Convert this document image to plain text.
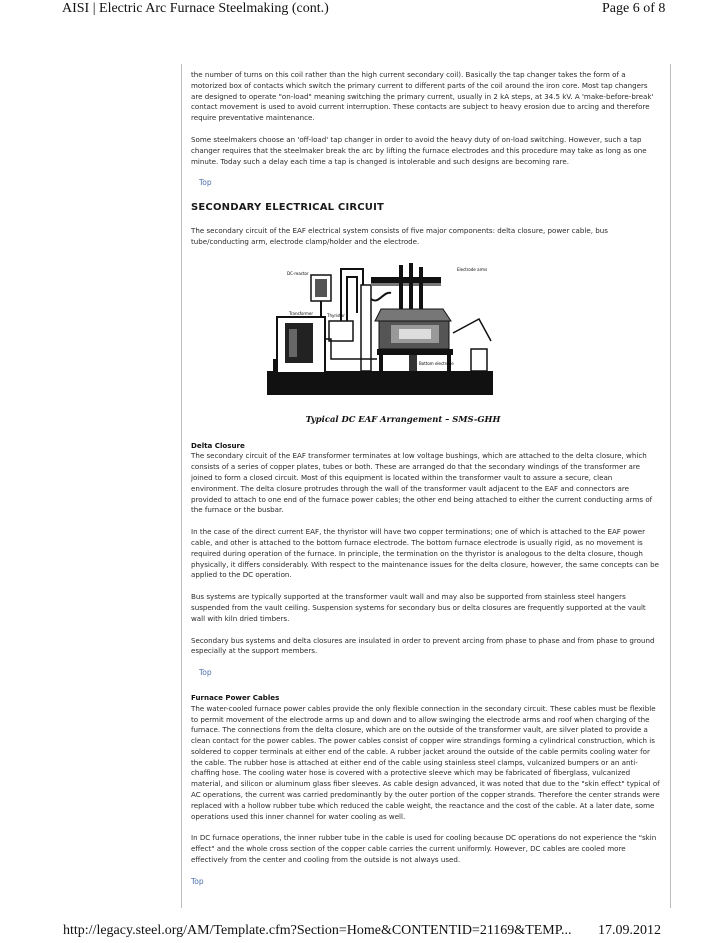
AISI | Electric Arc Furnace Steelmaking (cont.)	Page 6 of 8

the number of turns on this coil rather than the high current secondary coil). Basically the tap changer takes the form of a motorized box of contacts which switch the primary current to different parts of the coil around the iron core. Most tap changers are designed to operate "on-load" meaning switching the primary current, usually in 2 kA steps, at 34.5 kV. A 'make-before-break' contact movement is used to avoid current interruption. These contacts are subject to heavy erosion due to arcing and therefore require preventative maintenance.

Some steelmakers choose an 'off-load' tap changer in order to avoid the heavy duty of on-load switching. However, such a tap changer requires that the steelmaker break the arc by lifting the furnace electrodes and this procedure may take as long as one minute. Today such a delay each time a tap is changed is intolerable and such designs are becoming rare.

Top
SECONDARY ELECTRICAL CIRCUIT

The secondary circuit of the EAF electrical system consists of five major components: delta closure, power cable, bus tube/conducting arm, electrode clamp/holder and the electrode.

DC-reactor
Electrode arms
Transformer	Thyristor
Bottom electrode
Typical DC EAF Arrangement – SMS-GHH
Delta Closure

The secondary circuit of the EAF transformer terminates at low voltage bushings, which are attached to the delta closure, which consists of a series of copper plates, tubes or both. These are arranged do that the secondary windings of the transformer are joined to form a closed circuit. Most of this equipment is located within the transformer vault to assure a secure, clean environment. The delta closure protrudes through the wall of the transformer vault adjacent to the EAF and connectors are provided to attach to one end of the furnace power cables; the other end being attached to either the current conducting arms of the furnace or the busbar.

In the case of the direct current EAF, the thyristor will have two copper terminations; one of which is attached to the EAF power cable, and other is attached to the bottom furnace electrode. The bottom furnace electrode is usually rigid, as no movement is required during operation of the furnace. In principle, the termination on the thyristor is analogous to the delta closure, though physically, it differs considerably. With respect to the maintenance issues for the delta closure, however, the same concepts can be applied to the DC operation.

Bus systems are typically supported at the transformer vault wall and may also be supported from stainless steel hangers suspended from the vault ceiling. Suspension systems for secondary bus or delta closures are frequently supported at the vault wall with kiln dried timbers.

Secondary bus systems and delta closures are insulated in order to prevent arcing from phase to phase and from phase to ground especially at the support members.

Top
Furnace Power Cables

The water-cooled furnace power cables provide the only flexible connection in the secondary circuit. These cables must be flexible to permit movement of the electrode arms up and down and to allow swinging the electrode arms and roof when charging of the furnace. The connections from the delta closure, which are on the outside of the transformer vault, are silver plated to provide a clean contact for the power cables. The power cables consist of copper wire strandings forming a cylindrical construction, which is soldered to copper terminals at either end of the cable. A rubber jacket around the outside of the cable permits cooling water for the cable. The rubber hose is attached at either end of the cable using stainless steel clamps, vulcanized bumpers or an anti-chaffing hose. The cooling water hose is covered with a protective sleeve which may be fabricated of fiberglass, vulcanized material, and silicon or aluminum glass fiber sleeves. As cable design advanced, it was noted that due to the "skin effect" typical of AC operations, the current was carried predominantly by the outer portion of the copper strands. Therefore the center strands were replaced with a hollow rubber tube which reduced the cable weight, the reactance and the cost of the cable. At a later date, some operations used this inner channel for water cooling as well.

In DC furnace operations, the inner rubber tube in the cable is used for cooling because DC operations do not experience the "skin effect" and the whole cross section of the copper cable carries the current uniformly. However, DC cables are cooled more effectively from the center and cooling from the outside is not always used.

Top
http://legacy.steel.org/AM/Template.cfm?Section=Home&CONTENTID=21169&TEMP... 17.09.2012
